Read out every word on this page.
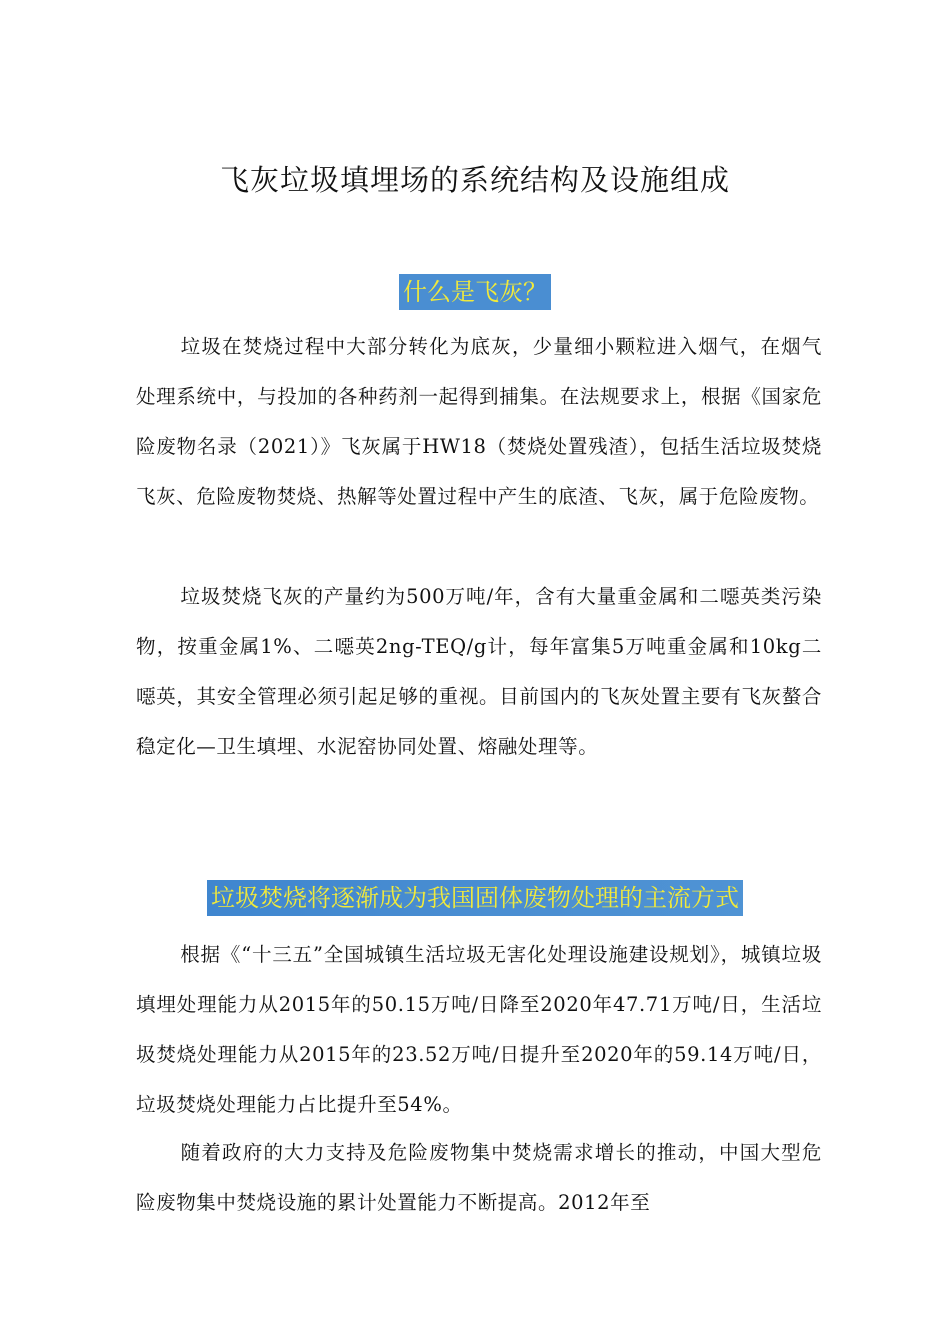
飞灰垃圾填埋场的系统结构及设施组成
什么是飞灰？

垃圾在焚烧过程中大部分转化为底灰，少量细小颗粒进入烟气，在烟气处理系统中，与投加的各种药剂一起得到捕集。在法规要求上，根据《国家危险废物名录（2021）》飞灰属于HW18（焚烧处置残渣），包括生活垃圾焚烧飞灰、危险废物焚烧、热解等处置过程中产生的底渣、飞灰，属于危险废物。

垃圾焚烧飞灰的产量约为500万吨/年，含有大量重金属和二噁英类污染物，按重金属1%、二噁英2ng-TEQ/g计，每年富集5万吨重金属和10kg二噁英，其安全管理必须引起足够的重视。目前国内的飞灰处置主要有飞灰螯合稳定化—卫生填埋、水泥窑协同处置、熔融处理等。

垃圾焚烧将逐渐成为我国固体废物处理的主流方式

根据《“十三五”全国城镇生活垃圾无害化处理设施建设规划》，城镇垃圾填埋处理能力从2015年的50.15万吨/日降至2020年47.71万吨/日，生活垃圾焚烧处理能力从2015年的23.52万吨/日提升至2020年的59.14万吨/日，垃圾焚烧处理能力占比提升至54%。

随着政府的大力支持及危险废物集中焚烧需求增长的推动，中国大型危险废物集中焚烧设施的累计处置能力不断提高。2012年至
